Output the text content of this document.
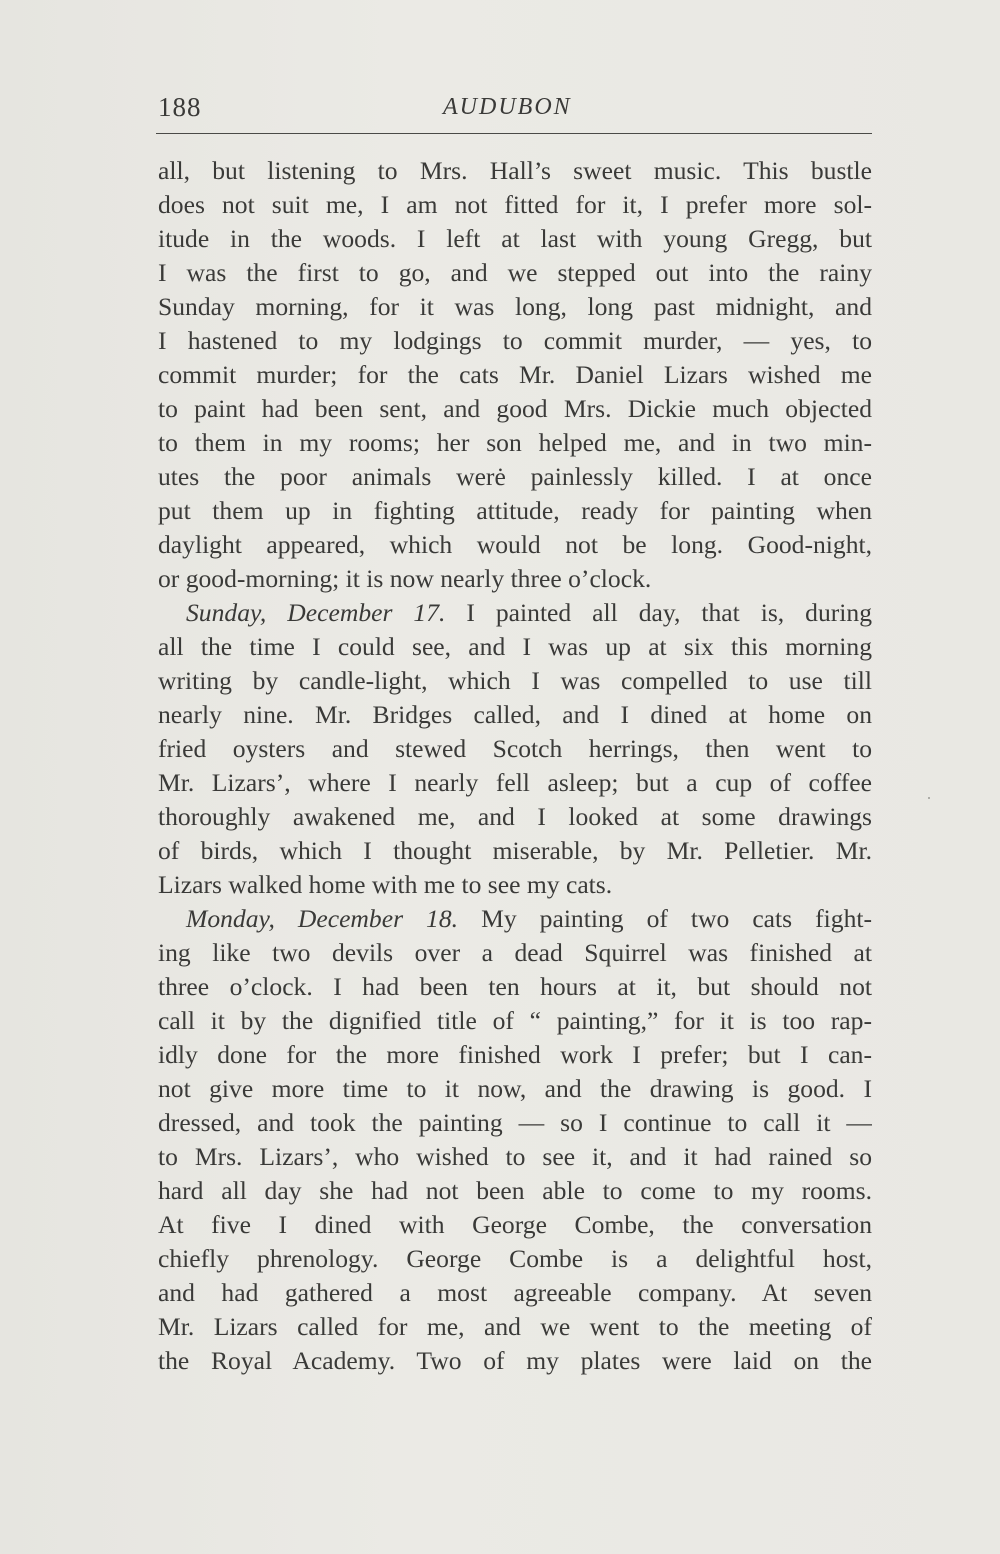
188	AUDUBON
all, but listening to Mrs. Hall’s sweet music. This bustle
does not suit me, I am not fitted for it, I prefer more sol-
itude in the woods. I left at last with young Gregg, but
I was the first to go, and we stepped out into the rainy
Sunday morning, for it was long, long past midnight, and
I hastened to my lodgings to commit murder, — yes, to
commit murder; for the cats Mr. Daniel Lizars wished me
to paint had been sent, and good Mrs. Dickie much objected
to them in my rooms; her son helped me, and in two min-
utes the poor animals werė painlessly killed. I at once
put them up in fighting attitude, ready for painting when
daylight appeared, which would not be long. Good-night,
or good-morning; it is now nearly three o’clock.
Sunday, December 17. I painted all day, that is, during
all the time I could see, and I was up at six this morning
writing by candle-light, which I was compelled to use till
nearly nine. Mr. Bridges called, and I dined at home on
fried oysters and stewed Scotch herrings, then went to
Mr. Lizars’, where I nearly fell asleep; but a cup of coffee
thoroughly awakened me, and I looked at some drawings
of birds, which I thought miserable, by Mr. Pelletier. Mr.
Lizars walked home with me to see my cats.
Monday, December 18. My painting of two cats fight-
ing like two devils over a dead Squirrel was finished at
three o’clock. I had been ten hours at it, but should not
call it by the dignified title of “ painting,” for it is too rap-
idly done for the more finished work I prefer; but I can-
not give more time to it now, and the drawing is good. I
dressed, and took the painting — so I continue to call it —
to Mrs. Lizars’, who wished to see it, and it had rained so
hard all day she had not been able to come to my rooms.
At five I dined with George Combe, the conversation
chiefly phrenology. George Combe is a delightful host,
and had gathered a most agreeable company. At seven
Mr. Lizars called for me, and we went to the meeting of
the Royal Academy. Two of my plates were laid on the
